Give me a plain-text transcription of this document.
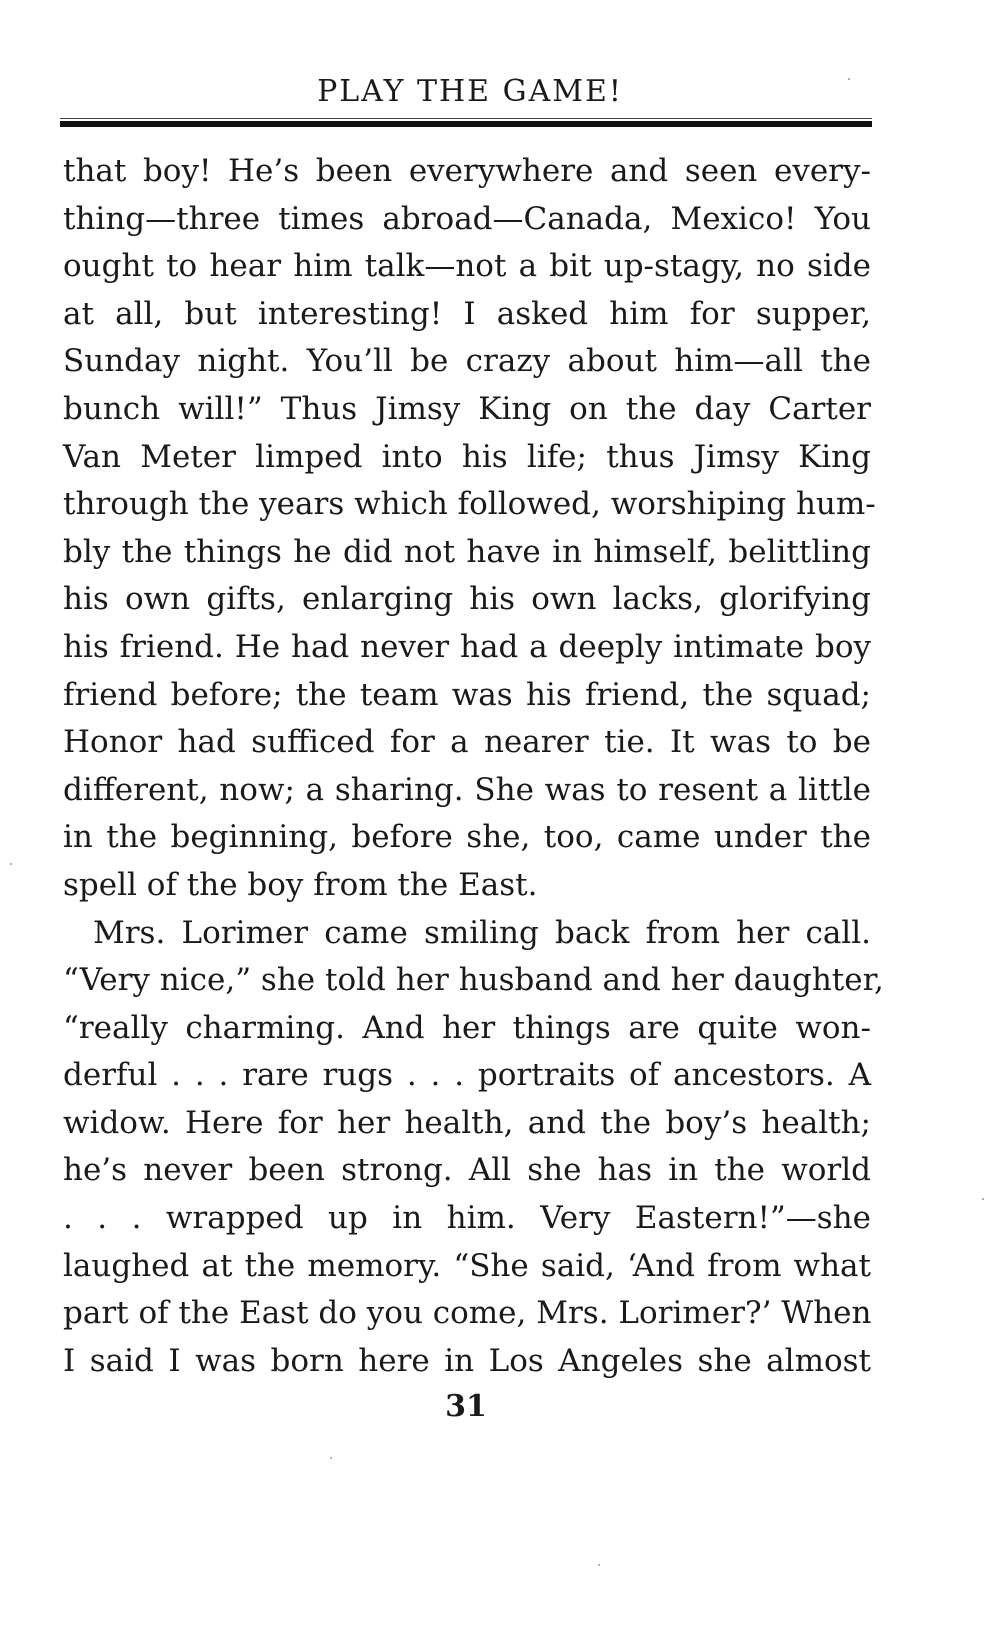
PLAY THE GAME!

that boy! He’s been everywhere and seen every-
thing—three times abroad—Canada, Mexico! You
ought to hear him talk—not a bit up-stagy, no side
at all, but interesting! I asked him for supper,
Sunday night. You’ll be crazy about him—all the
bunch will!” Thus Jimsy King on the day Carter
Van Meter limped into his life; thus Jimsy King
through the years which followed, worshiping hum-
bly the things he did not have in himself, belittling
his own gifts, enlarging his own lacks, glorifying
his friend. He had never had a deeply intimate boy
friend before; the team was his friend, the squad;
Honor had sufficed for a nearer tie. It was to be
different, now; a sharing. She was to resent a little
in the beginning, before she, too, came under the
spell of the boy from the East.

Mrs. Lorimer came smiling back from her call.
“Very nice,” she told her husband and her daughter,
“really charming. And her things are quite won-
derful . . . rare rugs . . . portraits of ancestors. A
widow. Here for her health, and the boy’s health;
he’s never been strong. All she has in the world
. . . wrapped up in him. Very Eastern!”—she
laughed at the memory. “She said, ‘And from what
part of the East do you come, Mrs. Lorimer?’ When
I said I was born here in Los Angeles she almost

31
